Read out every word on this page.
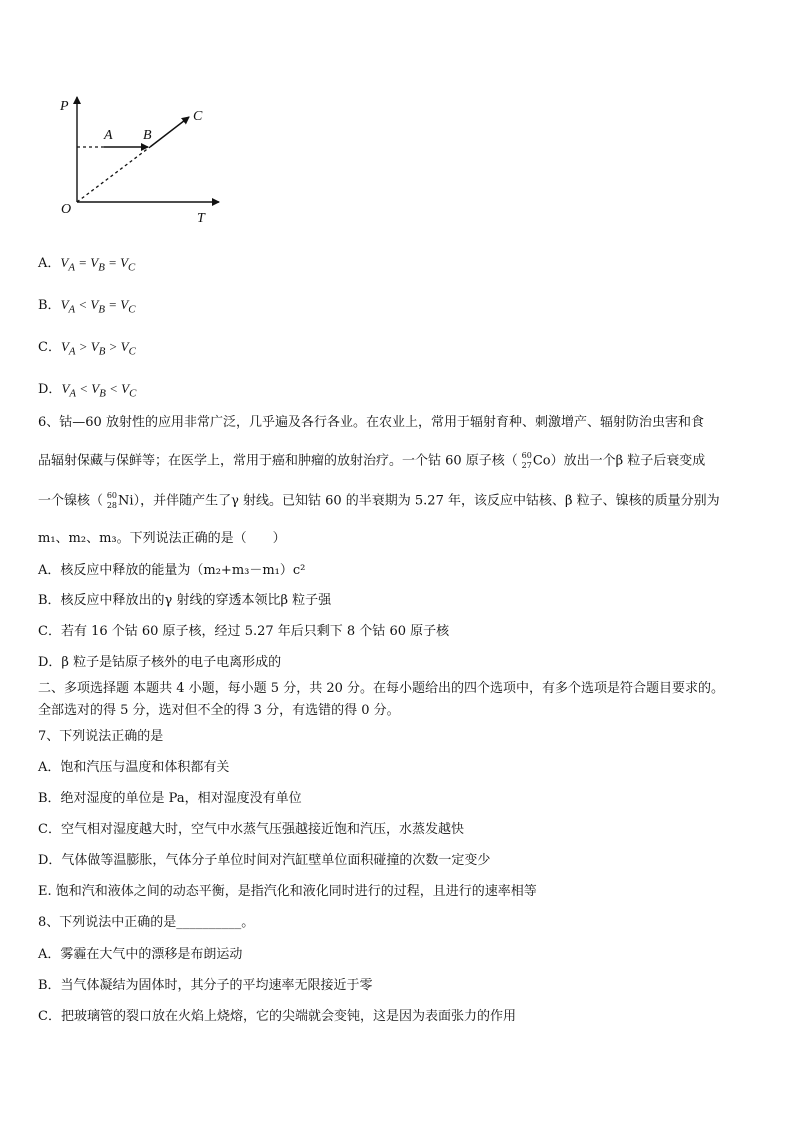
P
T
O
A B
C
A．$V_A = V_B = V_C$
B．$V_A < V_B = V_C$
C．$V_A > V_B > V_C$
D．$V_A < V_B < V_C$
6、钴—60 放射性的应用非常广泛，几乎遍及各行各业。在农业上，常用于辐射育种、刺激增产、辐射防治虫害和食
品辐射保藏与保鲜等；在医学上，常用于癌和肿瘤的放射治疗。一个钴 60 原子核（ 60
27 Co）放出一个β 粒子后衰变成
一个镍核（ 60
28 Ni），并伴随产生了γ 射线。已知钴 60 的半衰期为 5.27 年，该反应中钴核、β 粒子、镍核的质量分别为
m₁、m₂、m₃。下列说法正确的是（　　）
A．核反应中释放的能量为（m₂+m₃－m₁）c²
B．核反应中释放出的γ 射线的穿透本领比β 粒子强
C．若有 16 个钴 60 原子核，经过 5.27 年后只剩下 8 个钴 60 原子核
D．β 粒子是钴原子核外的电子电离形成的
二、多项选择题 本题共 4 小题，每小题 5 分，共 20 分。在每小题给出的四个选项中，有多个选项是符合题目要求的。
全部选对的得 5 分，选对但不全的得 3 分，有选错的得 0 分。
7、下列说法正确的是
A．饱和汽压与温度和体积都有关
B．绝对湿度的单位是 Pa，相对湿度没有单位
C．空气相对湿度越大时，空气中水蒸气压强越接近饱和汽压，水蒸发越快
D．气体做等温膨胀，气体分子单位时间对汽缸壁单位面积碰撞的次数一定变少
E. 饱和汽和液体之间的动态平衡，是指汽化和液化同时进行的过程，且进行的速率相等
8、下列说法中正确的是__________。
A．雾霾在大气中的漂移是布朗运动
B．当气体凝结为固体时，其分子的平均速率无限接近于零
C．把玻璃管的裂口放在火焰上烧熔，它的尖端就会变钝，这是因为表面张力的作用
